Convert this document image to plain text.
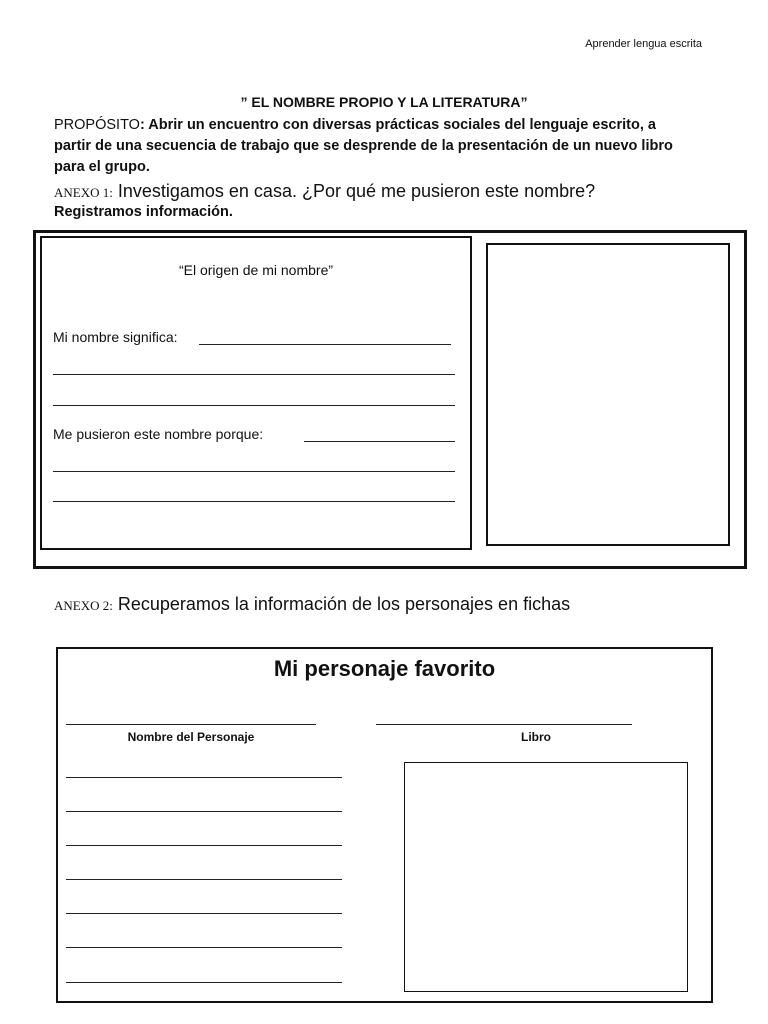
Aprender lengua escrita
” EL NOMBRE PROPIO Y LA LITERATURA”
PROPÓSITO: Abrir un encuentro con diversas prácticas sociales del lenguaje escrito, a partir de una secuencia de trabajo que se desprende de la presentación de un nuevo libro para el grupo.
ANEXO 1: Investigamos en casa. ¿Por qué me pusieron este nombre?
Registramos información.
“El origen de mi nombre”
Mi nombre significa:
Me pusieron este nombre porque:
ANEXO 2: Recuperamos la información de los personajes en fichas
Mi personaje favorito
Nombre del Personaje	Libro
